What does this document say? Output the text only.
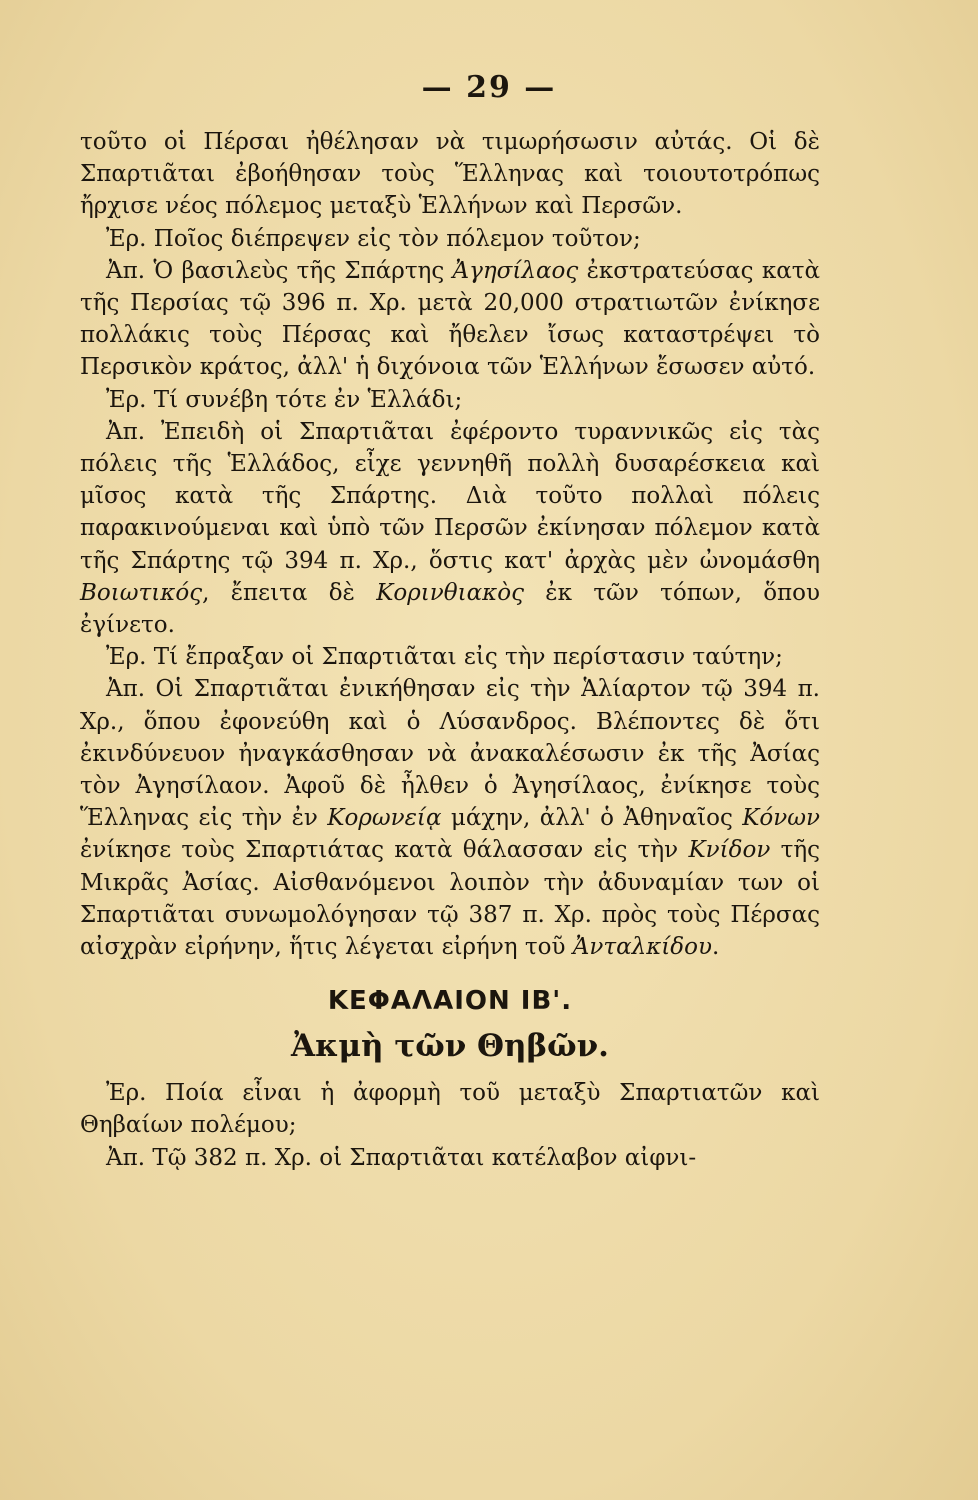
— 29 —

τοῦτο οἱ Πέρσαι ἠθέλησαν νὰ τιμωρήσωσιν αὐτάς. Οἱ δὲ Σπαρτιᾶται ἐβοήθησαν τοὺς Ἕλληνας καὶ τοιουτοτρόπως ἤρχισε νέος πόλεμος μεταξὺ Ἑλλήνων καὶ Περσῶν.

Ἐρ. Ποῖος διέπρεψεν εἰς τὸν πόλεμον τοῦτον;

Ἀπ. Ὁ βασιλεὺς τῆς Σπάρτης Ἀγησίλαος ἐκστρατεύσας κατὰ τῆς Περσίας τῷ 396 π. Χρ. μετὰ 20,000 στρατιωτῶν ἐνίκησε πολλάκις τοὺς Πέρσας καὶ ἤθελεν ἴσως καταστρέψει τὸ Περσικὸν κράτος, ἀλλ' ἡ διχόνοια τῶν Ἑλλήνων ἔσωσεν αὐτό.

Ἐρ. Τί συνέβη τότε ἐν Ἑλλάδι;

Ἀπ. Ἐπειδὴ οἱ Σπαρτιᾶται ἐφέροντο τυραννικῶς εἰς τὰς πόλεις τῆς Ἑλλάδος, εἶχε γεννηθῆ πολλὴ δυσαρέσκεια καὶ μῖσος κατὰ τῆς Σπάρτης. Διὰ τοῦτο πολλαὶ πόλεις παρακινούμεναι καὶ ὑπὸ τῶν Περσῶν ἐκίνησαν πόλεμον κατὰ τῆς Σπάρτης τῷ 394 π. Χρ., ὅστις κατ' ἀρχὰς μὲν ὠνομάσθη Βοιωτικός, ἔπειτα δὲ Κορινθιακὸς ἐκ τῶν τόπων, ὅπου ἐγίνετο.

Ἐρ. Τί ἔπραξαν οἱ Σπαρτιᾶται εἰς τὴν περίστασιν ταύτην;

Ἀπ. Οἱ Σπαρτιᾶται ἐνικήθησαν εἰς τὴν Ἁλίαρτον τῷ 394 π. Χρ., ὅπου ἐφονεύθη καὶ ὁ Λύσανδρος. Βλέποντες δὲ ὅτι ἐκινδύνευον ἠναγκάσθησαν νὰ ἀνακαλέσωσιν ἐκ τῆς Ἀσίας τὸν Ἀγησίλαον. Ἀφοῦ δὲ ἦλθεν ὁ Ἀγησίλαος, ἐνίκησε τοὺς Ἕλληνας εἰς τὴν ἐν Κορωνείᾳ μάχην, ἀλλ' ὁ Ἀθηναῖος Κόνων ἐνίκησε τοὺς Σπαρτιάτας κατὰ θάλασσαν εἰς τὴν Κνίδον τῆς Μικρᾶς Ἀσίας. Αἰσθανόμενοι λοιπὸν τὴν ἀδυναμίαν των οἱ Σπαρτιᾶται συνωμολόγησαν τῷ 387 π. Χρ. πρὸς τοὺς Πέρσας αἰσχρὰν εἰρήνην, ἥτις λέγεται εἰρήνη τοῦ Ἀνταλκίδου.

ΚΕΦΑΛΑΙΟΝ ΙΒ'.
Ἀκμὴ τῶν Θηβῶν.

Ἐρ. Ποία εἶναι ἡ ἀφορμὴ τοῦ μεταξὺ Σπαρτιατῶν καὶ Θηβαίων πολέμου;

Ἀπ. Τῷ 382 π. Χρ. οἱ Σπαρτιᾶται κατέλαβον αἰφνι-
